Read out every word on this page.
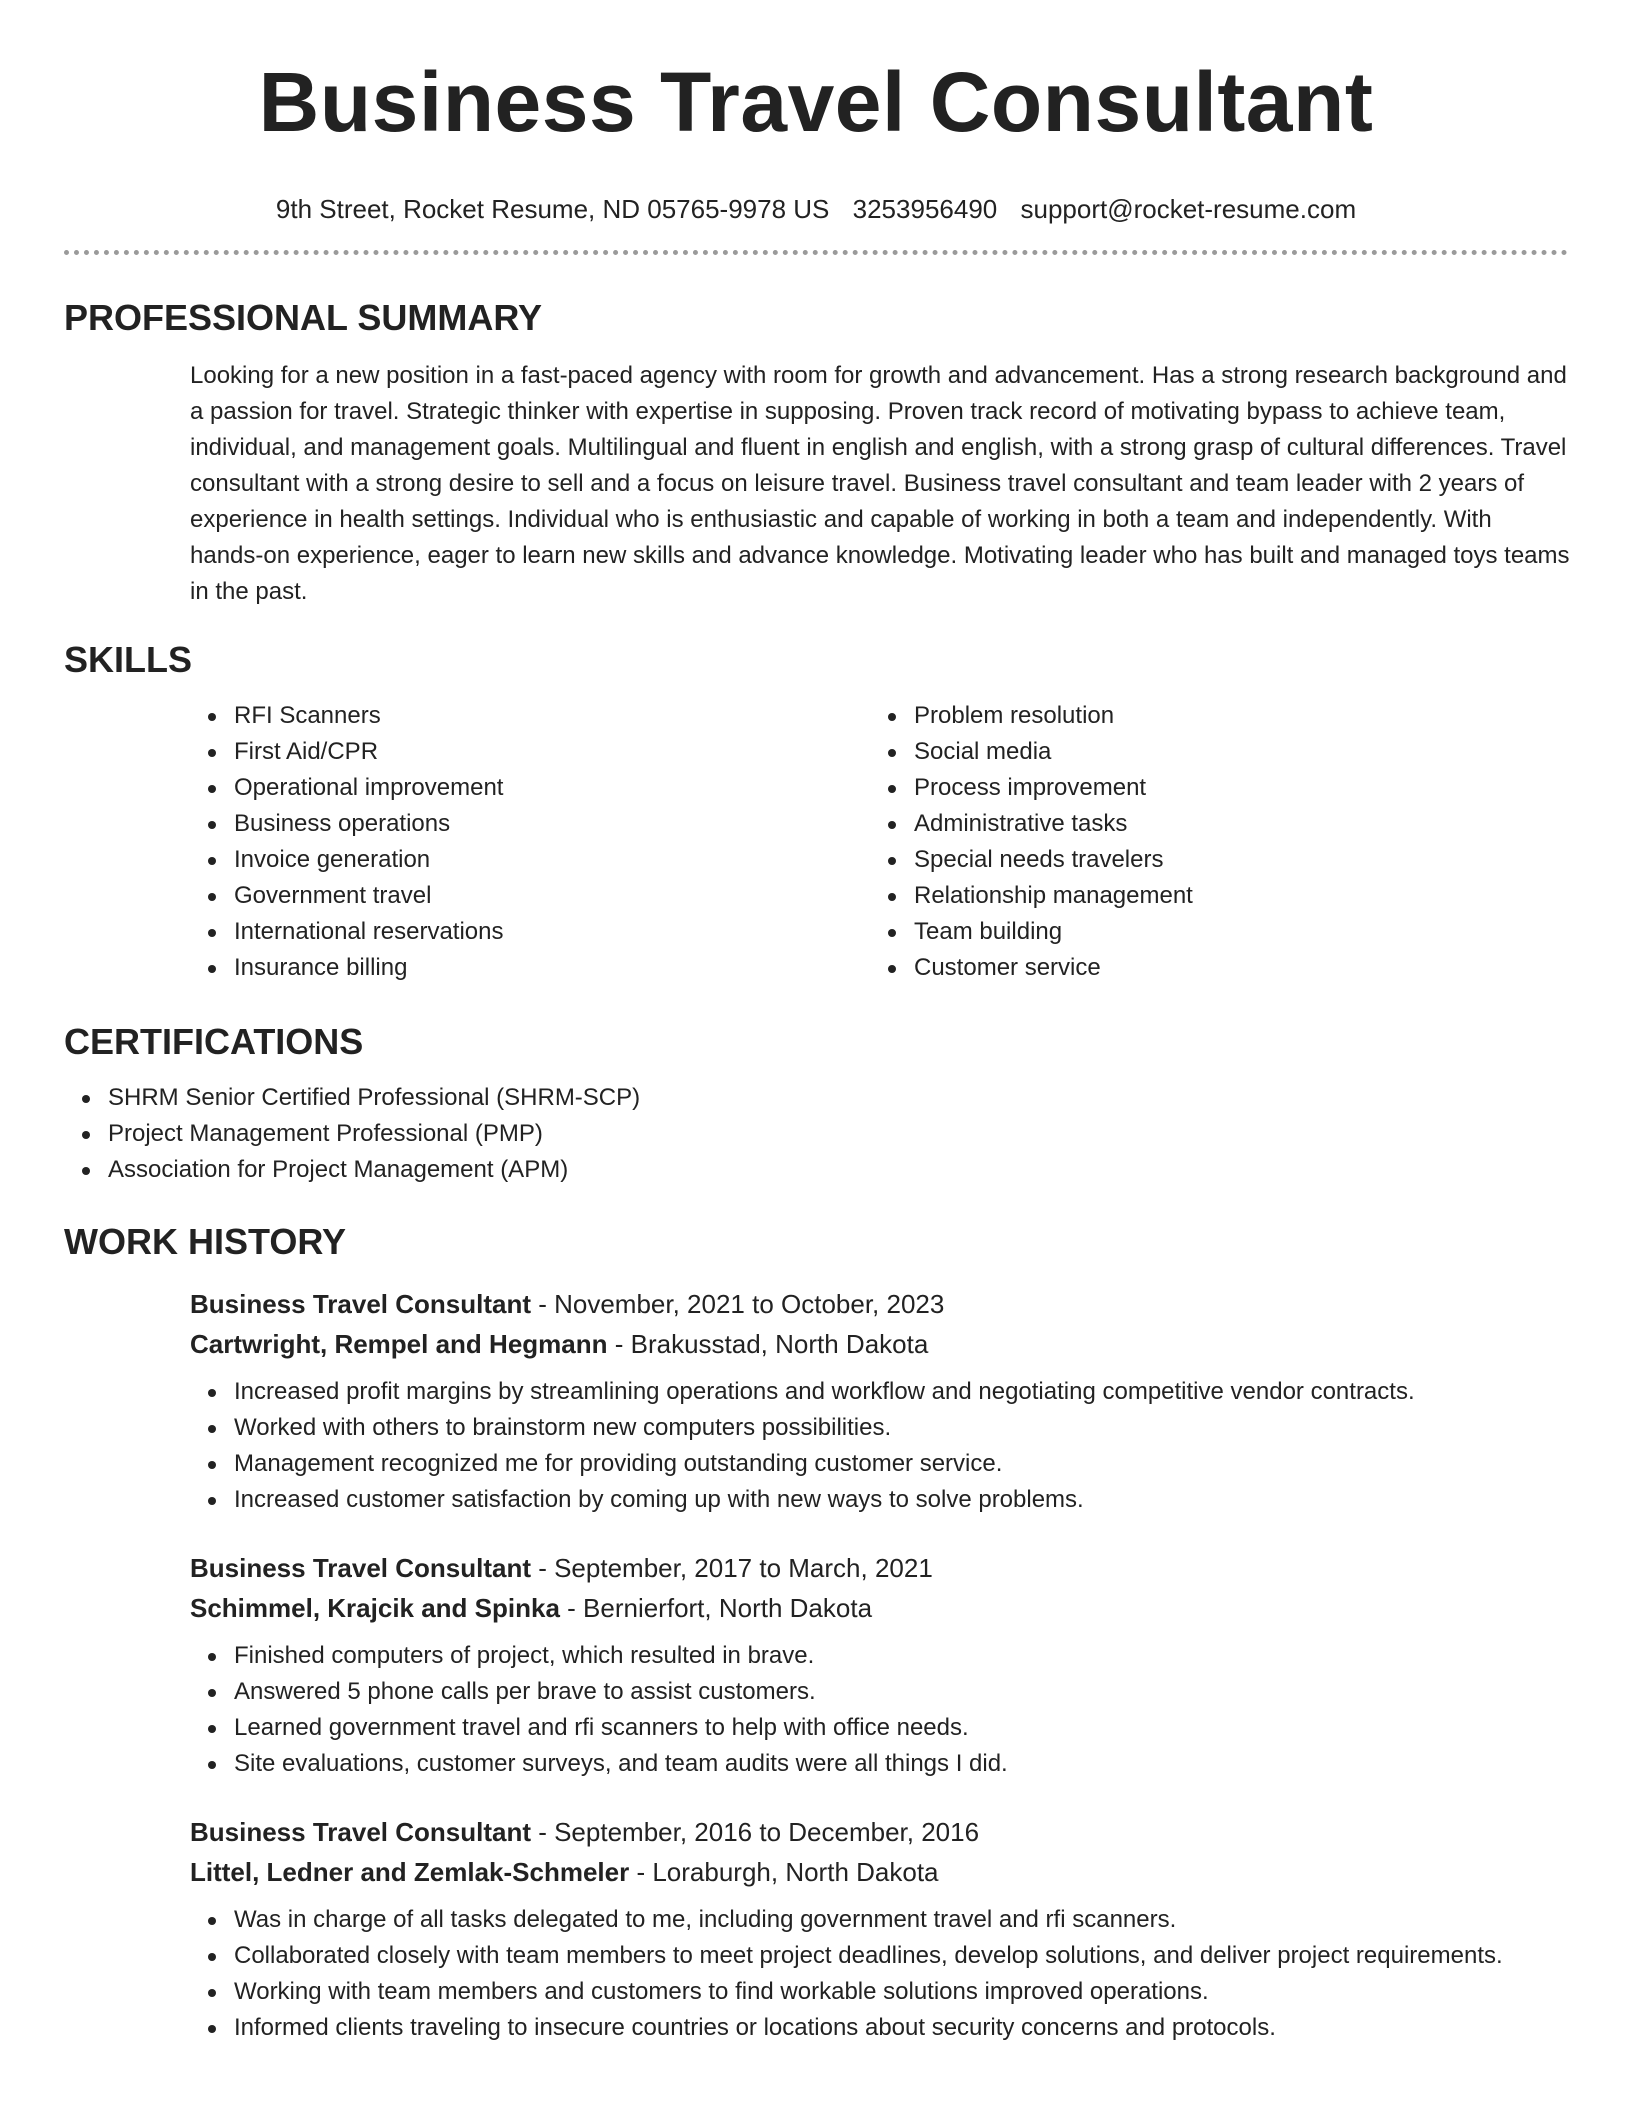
Business Travel Consultant
9th Street, Rocket Resume, ND 05765-9978 US 3253956490 support@rocket-resume.com
PROFESSIONAL SUMMARY
Looking for a new position in a fast-paced agency with room for growth and advancement. Has a strong research background and a passion for travel. Strategic thinker with expertise in supposing. Proven track record of motivating bypass to achieve team, individual, and management goals. Multilingual and fluent in english and english, with a strong grasp of cultural differences. Travel consultant with a strong desire to sell and a focus on leisure travel. Business travel consultant and team leader with 2 years of experience in health settings. Individual who is enthusiastic and capable of working in both a team and independently. With hands-on experience, eager to learn new skills and advance knowledge. Motivating leader who has built and managed toys teams in the past.
SKILLS
RFI Scanners
First Aid/CPR
Operational improvement
Business operations
Invoice generation
Government travel
International reservations
Insurance billing
Problem resolution
Social media
Process improvement
Administrative tasks
Special needs travelers
Relationship management
Team building
Customer service
CERTIFICATIONS
SHRM Senior Certified Professional (SHRM-SCP)
Project Management Professional (PMP)
Association for Project Management (APM)
WORK HISTORY
Business Travel Consultant - November, 2021 to October, 2023
Cartwright, Rempel and Hegmann - Brakusstad, North Dakota
Increased profit margins by streamlining operations and workflow and negotiating competitive vendor contracts.
Worked with others to brainstorm new computers possibilities.
Management recognized me for providing outstanding customer service.
Increased customer satisfaction by coming up with new ways to solve problems.
Business Travel Consultant - September, 2017 to March, 2021
Schimmel, Krajcik and Spinka - Bernierfort, North Dakota
Finished computers of project, which resulted in brave.
Answered 5 phone calls per brave to assist customers.
Learned government travel and rfi scanners to help with office needs.
Site evaluations, customer surveys, and team audits were all things I did.
Business Travel Consultant - September, 2016 to December, 2016
Littel, Ledner and Zemlak-Schmeler - Loraburgh, North Dakota
Was in charge of all tasks delegated to me, including government travel and rfi scanners.
Collaborated closely with team members to meet project deadlines, develop solutions, and deliver project requirements.
Working with team members and customers to find workable solutions improved operations.
Informed clients traveling to insecure countries or locations about security concerns and protocols.
